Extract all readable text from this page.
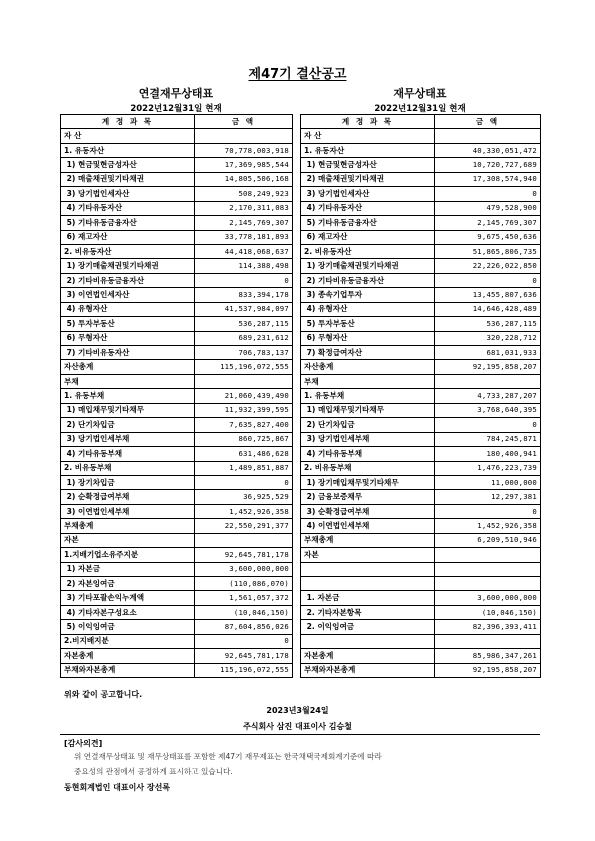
제47기 결산공고
연결재무상태표
2022년12월31일 현재
재무상태표
2022년12월31일 현재
계 정 과 목	금 액
자 산	
1. 유동자산	70,778,003,918
1) 현금및현금성자산	17,369,985,544
2) 매출채권및기타채권	14,805,506,168
3) 당기법인세자산	508,249,923
4) 기타유동자산	2,170,311,083
5) 기타유동금융자산	2,145,769,307
6) 재고자산	33,778,181,893
2. 비유동자산	44,418,068,637
1) 장기매출채권및기타채권	114,388,498
2) 기타비유동금융자산	0
3) 이연법인세자산	833,394,178
4) 유형자산	41,537,984,097
5) 투자부동산	536,287,115
6) 무형자산	689,231,612
7) 기타비유동자산	706,783,137
자산총계	115,196,072,555
부채	
1. 유동부채	21,060,439,490
1) 매입채무및기타채무	11,932,399,595
2) 단기차입금	7,635,827,400
3) 당기법인세부채	860,725,867
4) 기타유동부채	631,486,628
2. 비유동부채	1,489,851,887
1) 장기차입금	0
2) 순확정급여부채	36,925,529
3) 이연법인세부채	1,452,926,358
부채총계	22,550,291,377
자본	
1.지배기업소유주지분	92,645,781,178
1) 자본금	3,600,000,000
2) 자본잉여금	(110,086,070)
3) 기타포괄손익누계액	1,561,057,372
4) 기타자본구성요소	(10,046,150)
5) 이익잉여금	87,604,856,026
2.비지배지분	0
자본총계	92,645,781,178
부채와자본총계	115,196,072,555
계 정 과 목	금 액
자 산	
1. 유동자산	40,330,051,472
1) 현금및현금성자산	10,720,727,689
2) 매출채권및기타채권	17,308,574,940
3) 당기법인세자산	0
4) 기타유동자산	479,528,900
5) 기타유동금융자산	2,145,769,307
6) 재고자산	9,675,450,636
2. 비유동자산	51,865,806,735
1) 장기매출채권및기타채권	22,226,022,850
2) 기타비유동금융자산	0
3) 종속기업투자	13,455,807,636
4) 유형자산	14,646,428,489
5) 투자부동산	536,287,115
6) 무형자산	320,228,712
7) 확정급여자산	681,031,933
자산총계	92,195,858,207
부채	
1. 유동부채	4,733,287,207
1) 매입채무및기타채무	3,768,640,395
2) 단기차입금	0
3) 당기법인세부채	784,245,871
4) 기타유동부채	180,400,941
2. 비유동부채	1,476,223,739
1) 장기매입채무및기타채무	11,000,000
2) 금융보증채무	12,297,381
3) 순확정급여부채	0
4) 이연법인세부채	1,452,926,358
부채총계	6,209,510,946
자본	

1. 자본금	3,600,000,000
2. 기타자본항목	(10,046,150)
2. 이익잉여금	82,396,393,411

자본총계	85,986,347,261
부채와자본총계	92,195,858,207
위와 같이 공고합니다.
2023년3월24일
주식회사 삼진 대표이사 김승철
[감사의견]
위 연결재무상태표 및 재무상태표를 포함한 제47기 재무제표는 한국채택국제회계기준에 따라
중요성의 관점에서 공정하게 표시하고 있습니다.
동현회계법인 대표이사 장선록
